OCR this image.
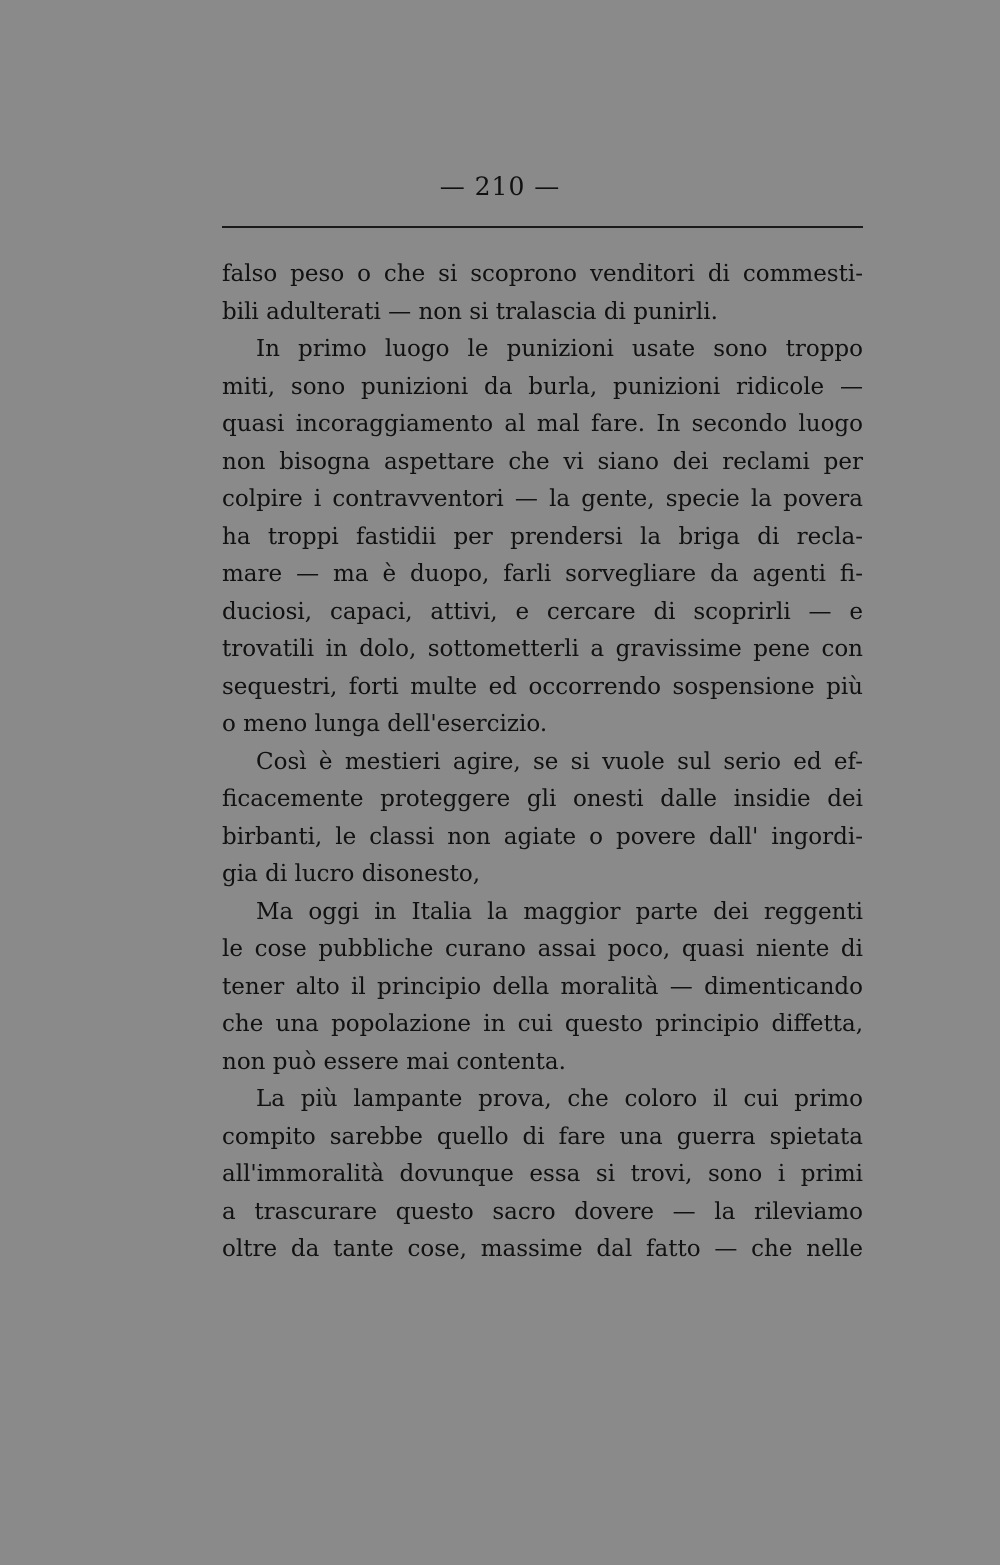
— 210 —
falso peso o che si scoprono venditori di commesti-
bili adulterati — non si tralascia di punirli.
In primo luogo le punizioni usate sono troppo
miti, sono punizioni da burla, punizioni ridicole —
quasi incoraggiamento al mal fare. In secondo luogo
non bisogna aspettare che vi siano dei reclami per
colpire i contravventori — la gente, specie la povera
ha troppi fastidii per prendersi la briga di recla-
mare — ma è duopo, farli sorvegliare da agenti fi-
duciosi, capaci, attivi, e cercare di scoprirli — e
trovatili in dolo, sottometterli a gravissime pene con
sequestri, forti multe ed occorrendo sospensione più
o meno lunga dell'esercizio.
Così è mestieri agire, se si vuole sul serio ed ef-
ficacemente proteggere gli onesti dalle insidie dei
birbanti, le classi non agiate o povere dall' ingordi-
gia di lucro disonesto,
Ma oggi in Italia la maggior parte dei reggenti
le cose pubbliche curano assai poco, quasi niente di
tener alto il principio della moralità — dimenticando
che una popolazione in cui questo principio diffetta,
non può essere mai contenta.
La più lampante prova, che coloro il cui primo
compito sarebbe quello di fare una guerra spietata
all'immoralità dovunque essa si trovi, sono i primi
a trascurare questo sacro dovere — la rileviamo
oltre da tante cose, massime dal fatto — che nelle
